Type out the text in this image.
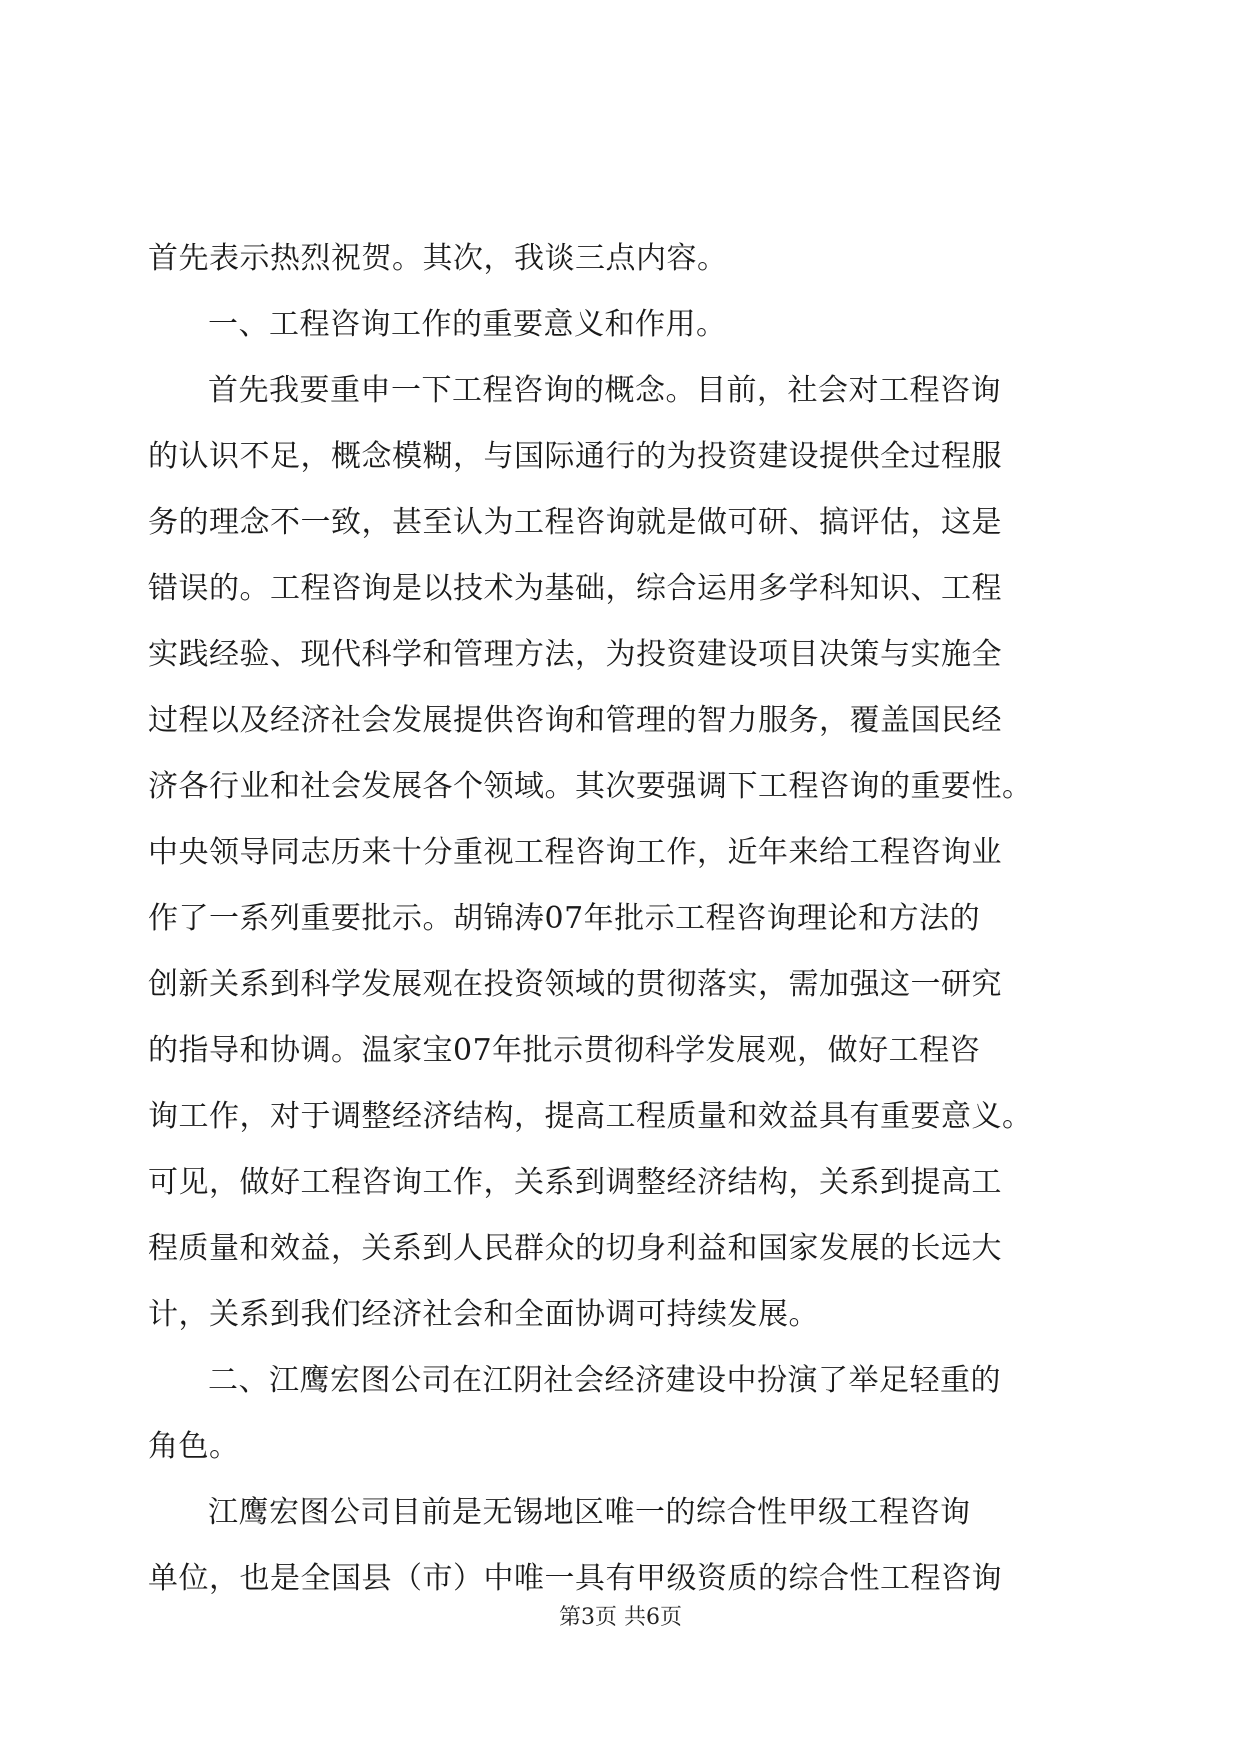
首先表示热烈祝贺。其次，我谈三点内容。
一、工程咨询工作的重要意义和作用。
首先我要重申一下工程咨询的概念。目前，社会对工程咨询
的认识不足，概念模糊，与国际通行的为投资建设提供全过程服
务的理念不一致，甚至认为工程咨询就是做可研、搞评估，这是
错误的。工程咨询是以技术为基础，综合运用多学科知识、工程
实践经验、现代科学和管理方法，为投资建设项目决策与实施全
过程以及经济社会发展提供咨询和管理的智力服务，覆盖国民经
济各行业和社会发展各个领域。其次要强调下工程咨询的重要性。
中央领导同志历来十分重视工程咨询工作，近年来给工程咨询业
作了一系列重要批示。胡锦涛07年批示工程咨询理论和方法的
创新关系到科学发展观在投资领域的贯彻落实，需加强这一研究
的指导和协调。温家宝07年批示贯彻科学发展观，做好工程咨
询工作，对于调整经济结构，提高工程质量和效益具有重要意义。
可见，做好工程咨询工作，关系到调整经济结构，关系到提高工
程质量和效益，关系到人民群众的切身利益和国家发展的长远大
计，关系到我们经济社会和全面协调可持续发展。
二、江鹰宏图公司在江阴社会经济建设中扮演了举足轻重的
角色。
江鹰宏图公司目前是无锡地区唯一的综合性甲级工程咨询
单位，也是全国县（市）中唯一具有甲级资质的综合性工程咨询
第3页 共6页
